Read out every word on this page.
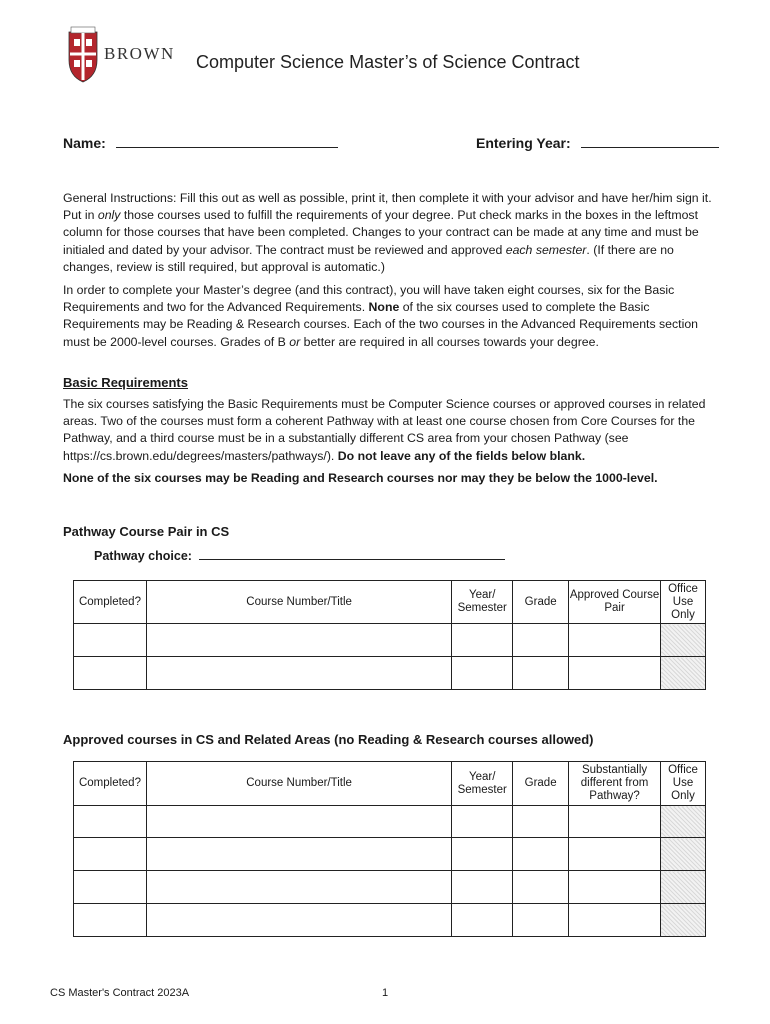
BROWN Computer Science Master’s of Science Contract
Name:	Entering Year:
General Instructions: Fill this out as well as possible, print it, then complete it with your advisor and have her/him sign it. Put in only those courses used to fulfill the requirements of your degree. Put check marks in the boxes in the leftmost column for those courses that have been completed. Changes to your contract can be made at any time and must be initialed and dated by your advisor. The contract must be reviewed and approved each semester. (If there are no changes, review is still required, but approval is automatic.)
In order to complete your Master’s degree (and this contract), you will have taken eight courses, six for the Basic Requirements and two for the Advanced Requirements. None of the six courses used to complete the Basic Requirements may be Reading & Research courses. Each of the two courses in the Advanced Requirements section must be 2000-level courses. Grades of B or better are required in all courses towards your degree.
Basic Requirements
The six courses satisfying the Basic Requirements must be Computer Science courses or approved courses in related areas. Two of the courses must form a coherent Pathway with at least one course chosen from Core Courses for the Pathway, and a third course must be in a substantially different CS area from your chosen Pathway (see https://cs.brown.edu/degrees/masters/pathways/). Do not leave any of the fields below blank.
None of the six courses may be Reading and Research courses nor may they be below the 1000-level.
Pathway Course Pair in CS
Pathway choice:
Completed?	Course Number/Title	Year/ Semester	Grade	Approved Course Pair	Office Use Only

Approved courses in CS and Related Areas (no Reading & Research courses allowed)
Completed?	Course Number/Title	Year/ Semester	Grade	Substantially different from Pathway?	Office Use Only

CS Master's Contract 2023A	1
